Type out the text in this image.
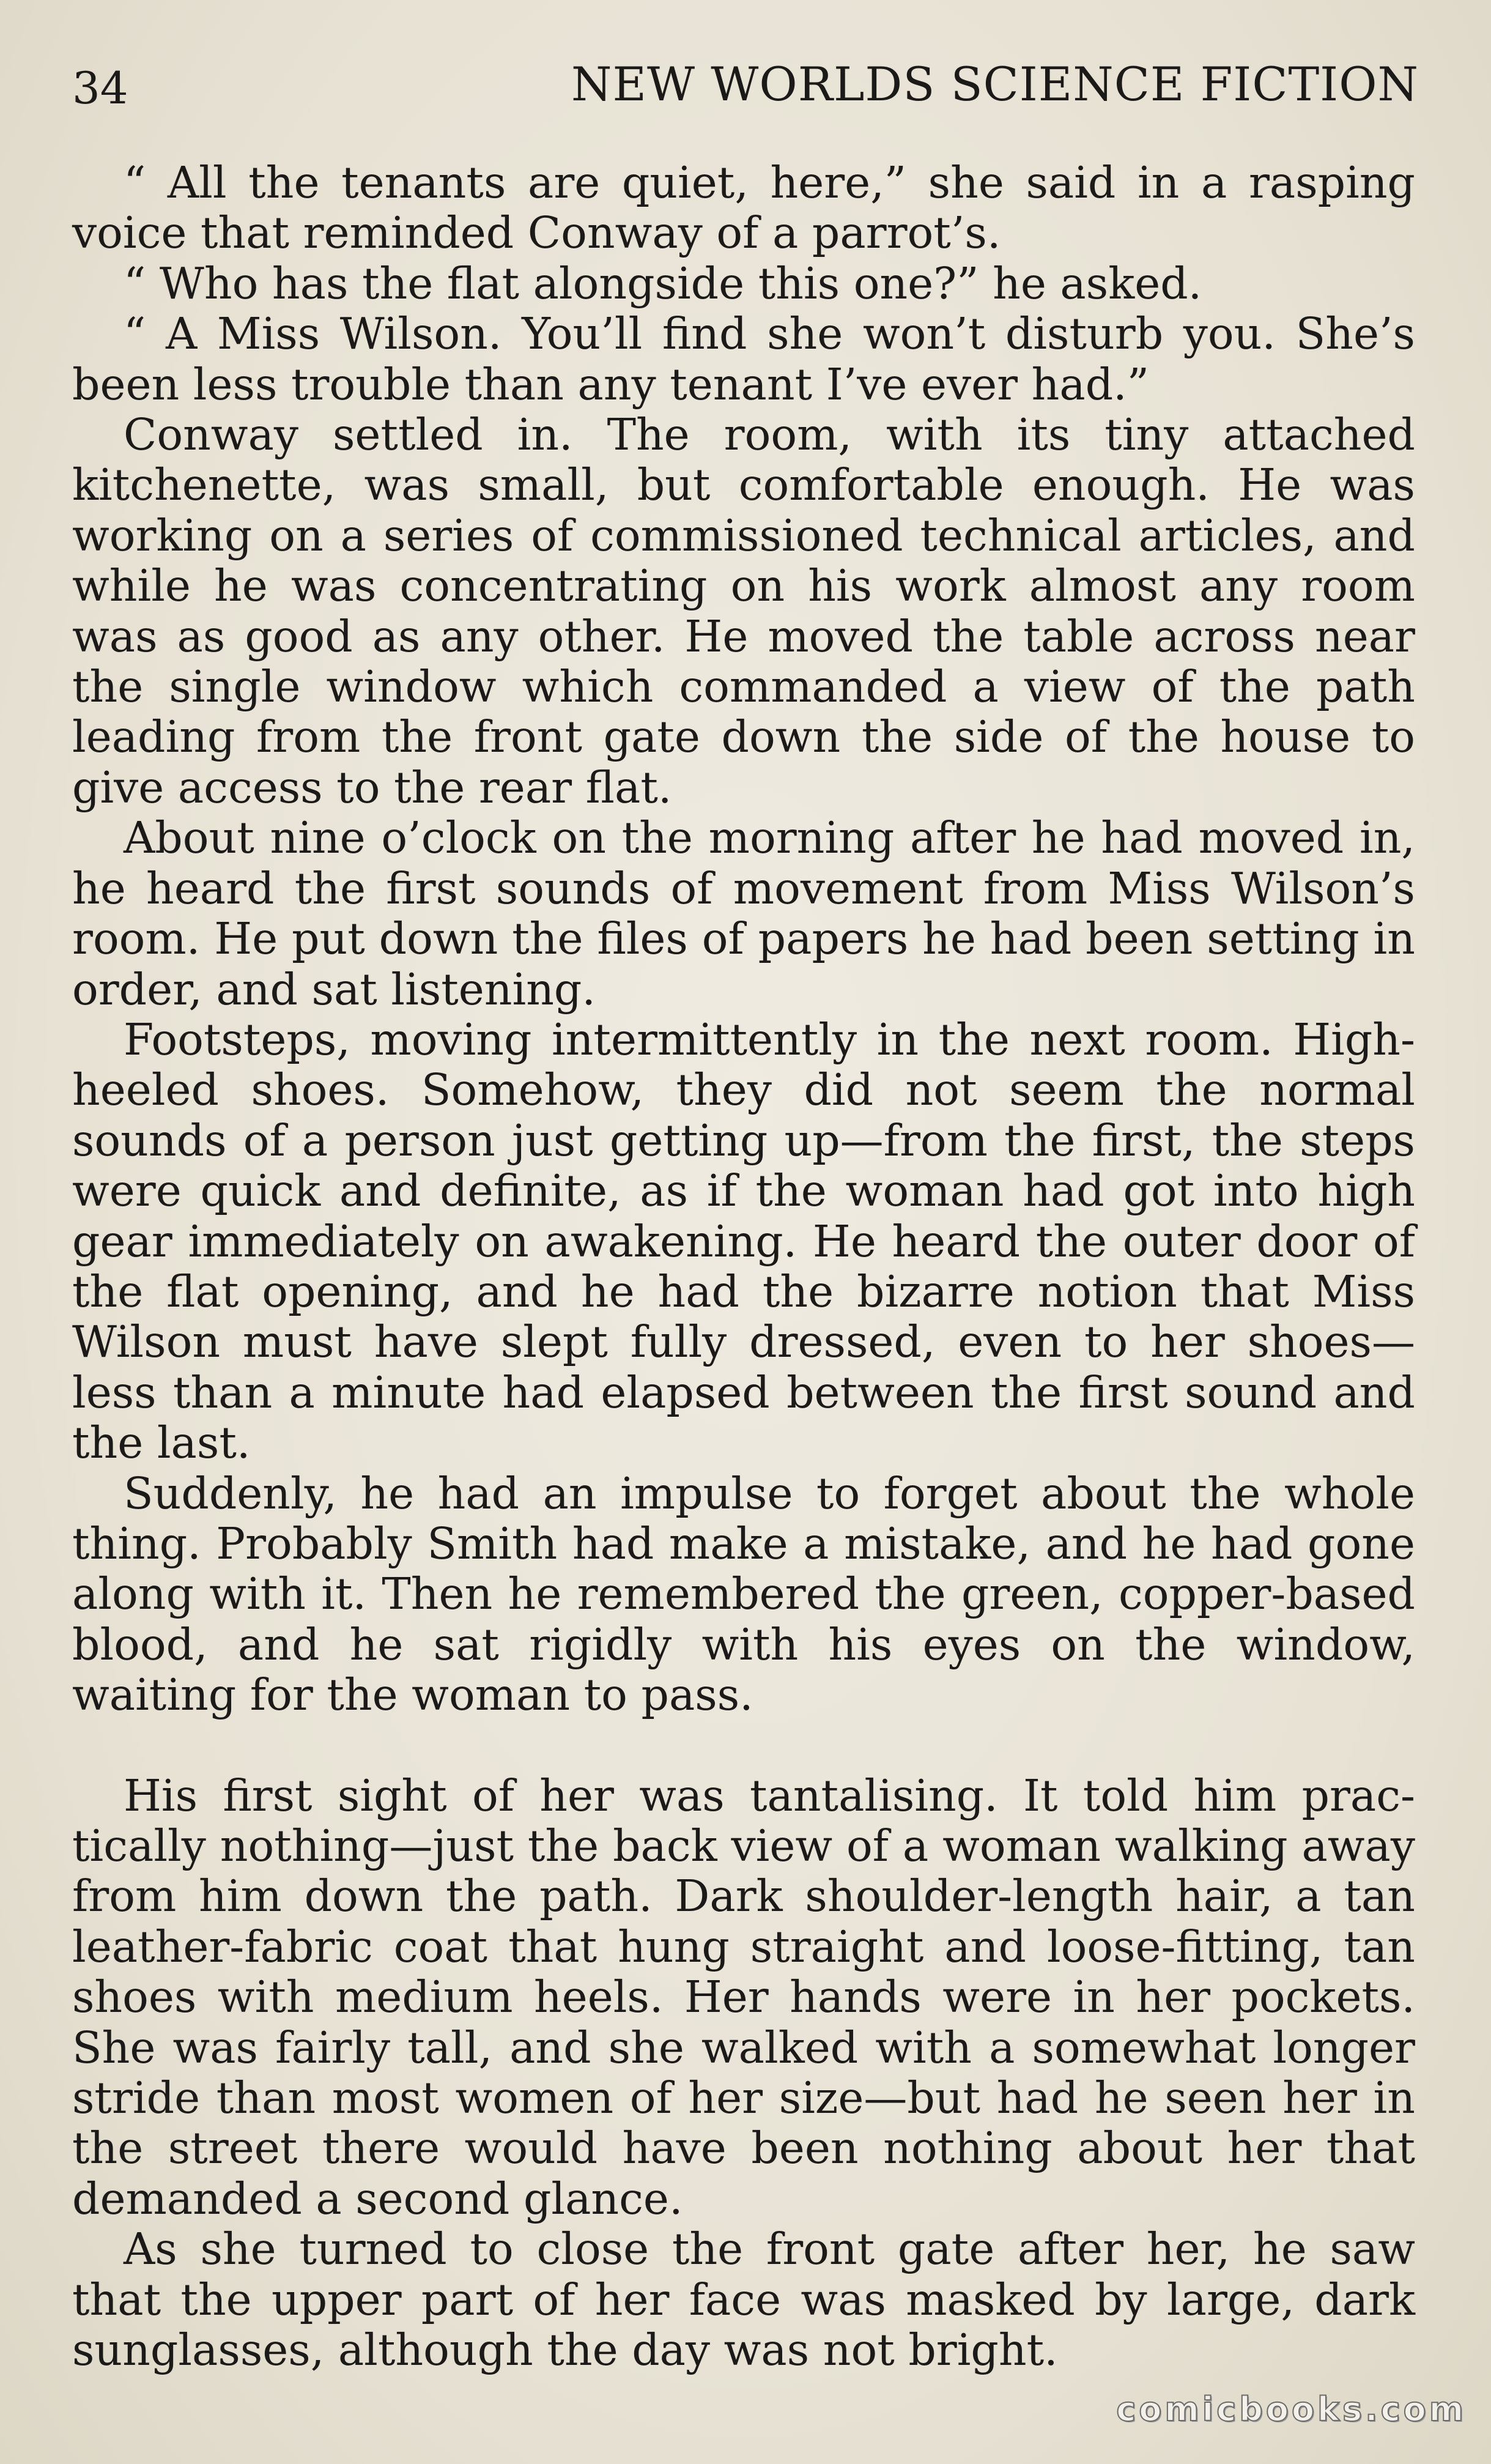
34	NEW WORLDS SCIENCE FICTION

“ All the tenants are quiet, here,” she said in a rasping voice that reminded Conway of a parrot’s.

“ Who has the flat alongside this one?” he asked.

“ A Miss Wilson. You’ll find she won’t disturb you. She’s been less trouble than any tenant I’ve ever had.”

Conway settled in. The room, with its tiny attached kitchenette, was small, but comfortable enough. He was working on a series of commissioned technical articles, and while he was concentrating on his work almost any room was as good as any other. He moved the table across near the single window which commanded a view of the path leading from the front gate down the side of the house to give access to the rear flat.

About nine o’clock on the morning after he had moved in, he heard the first sounds of movement from Miss Wilson’s room. He put down the files of papers he had been setting in order, and sat listening.

Footsteps, moving intermittently in the next room. High-heeled shoes. Somehow, they did not seem the normal sounds of a person just getting up—from the first, the steps were quick and definite, as if the woman had got into high gear immediately on awakening. He heard the outer door of the flat opening, and he had the bizarre notion that Miss Wilson must have slept fully dressed, even to her shoes—less than a minute had elapsed between the first sound and the last.

Suddenly, he had an impulse to forget about the whole thing. Probably Smith had make a mistake, and he had gone along with it. Then he remembered the green, copper-based blood, and he sat rigidly with his eyes on the window, waiting for the woman to pass.

His first sight of her was tantalising. It told him practically nothing—just the back view of a woman walking away from him down the path. Dark shoulder-length hair, a tan leather-fabric coat that hung straight and loose-fitting, tan shoes with medium heels. Her hands were in her pockets. She was fairly tall, and she walked with a somewhat longer stride than most women of her size—but had he seen her in the street there would have been nothing about her that demanded a second glance.

As she turned to close the front gate after her, he saw that the upper part of her face was masked by large, dark sunglasses, although the day was not bright.

comicbooks.com
